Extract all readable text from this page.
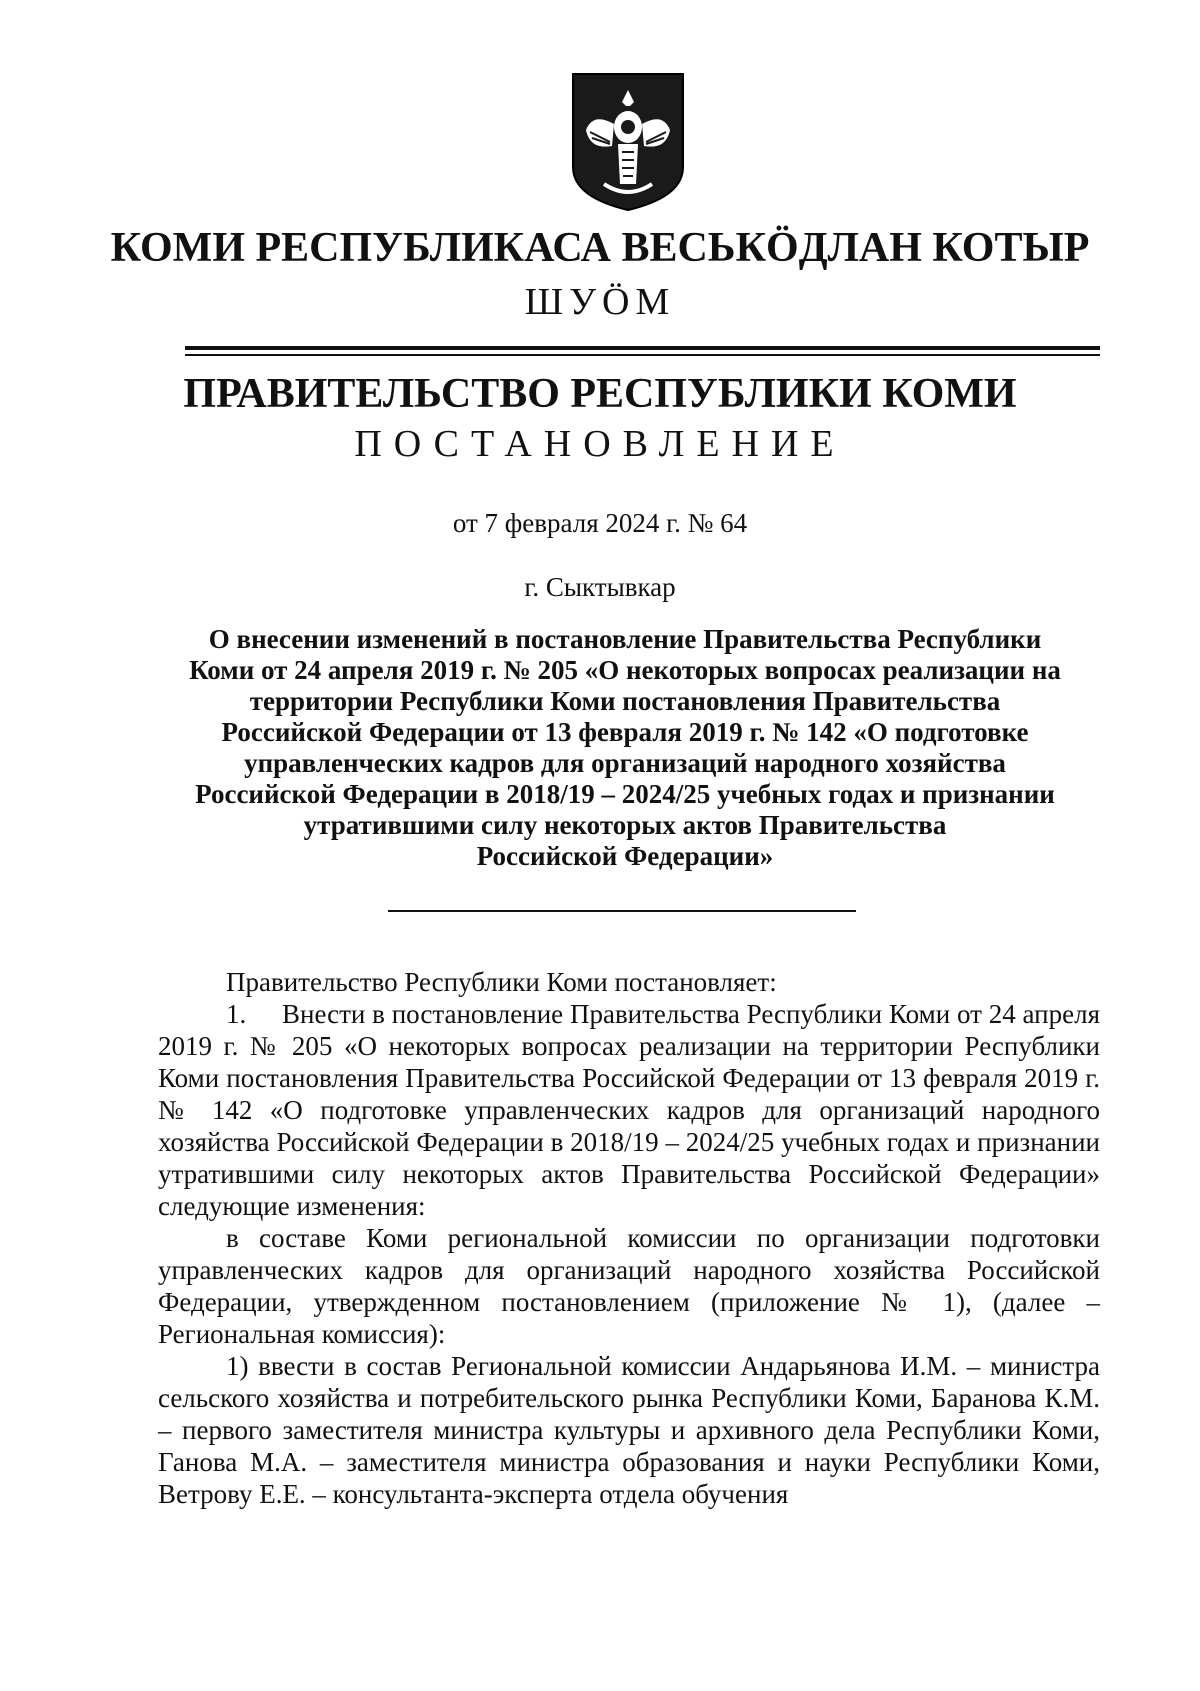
КОМИ РЕСПУБЛИКАСА ВЕСЬКӦДЛАН КОТЫР
ШУӦМ
ПРАВИТЕЛЬСТВО РЕСПУБЛИКИ КОМИ
ПОСТАНОВЛЕНИЕ

от 7 февраля 2024 г. № 64

г. Сыктывкар

О внесении изменений в постановление Правительства Республики
Коми от 24 апреля 2019 г. № 205 «О некоторых вопросах реализации на
территории Республики Коми постановления Правительства
Российской Федерации от 13 февраля 2019 г. № 142 «О подготовке
управленческих кадров для организаций народного хозяйства
Российской Федерации в 2018/19 – 2024/25 учебных годах и признании
утратившими силу некоторых актов Правительства
Российской Федерации»

Правительство Республики Коми постановляет:

1. Внести в постановление Правительства Республики Коми от 24 апреля 2019 г. № 205 «О некоторых вопросах реализации на территории Республики Коми постановления Правительства Российской Федерации от 13 февраля 2019 г. № 142 «О подготовке управленческих кадров для организаций народного хозяйства Российской Федерации в 2018/19 – 2024/25 учебных годах и признании утратившими силу некоторых актов Правительства Российской Федерации» следующие изменения:

в составе Коми региональной комиссии по организации подготовки управленческих кадров для организаций народного хозяйства Российской Федерации, утвержденном постановлением (приложение № 1), (далее – Региональная комиссия):

1) ввести в состав Региональной комиссии Андарьянова И.М. – министра сельского хозяйства и потребительского рынка Республики Коми, Баранова К.М. – первого заместителя министра культуры и архивного дела Республики Коми, Ганова М.А. – заместителя министра образования и науки Республики Коми, Ветрову Е.Е. – консультанта-эксперта отдела обучения
